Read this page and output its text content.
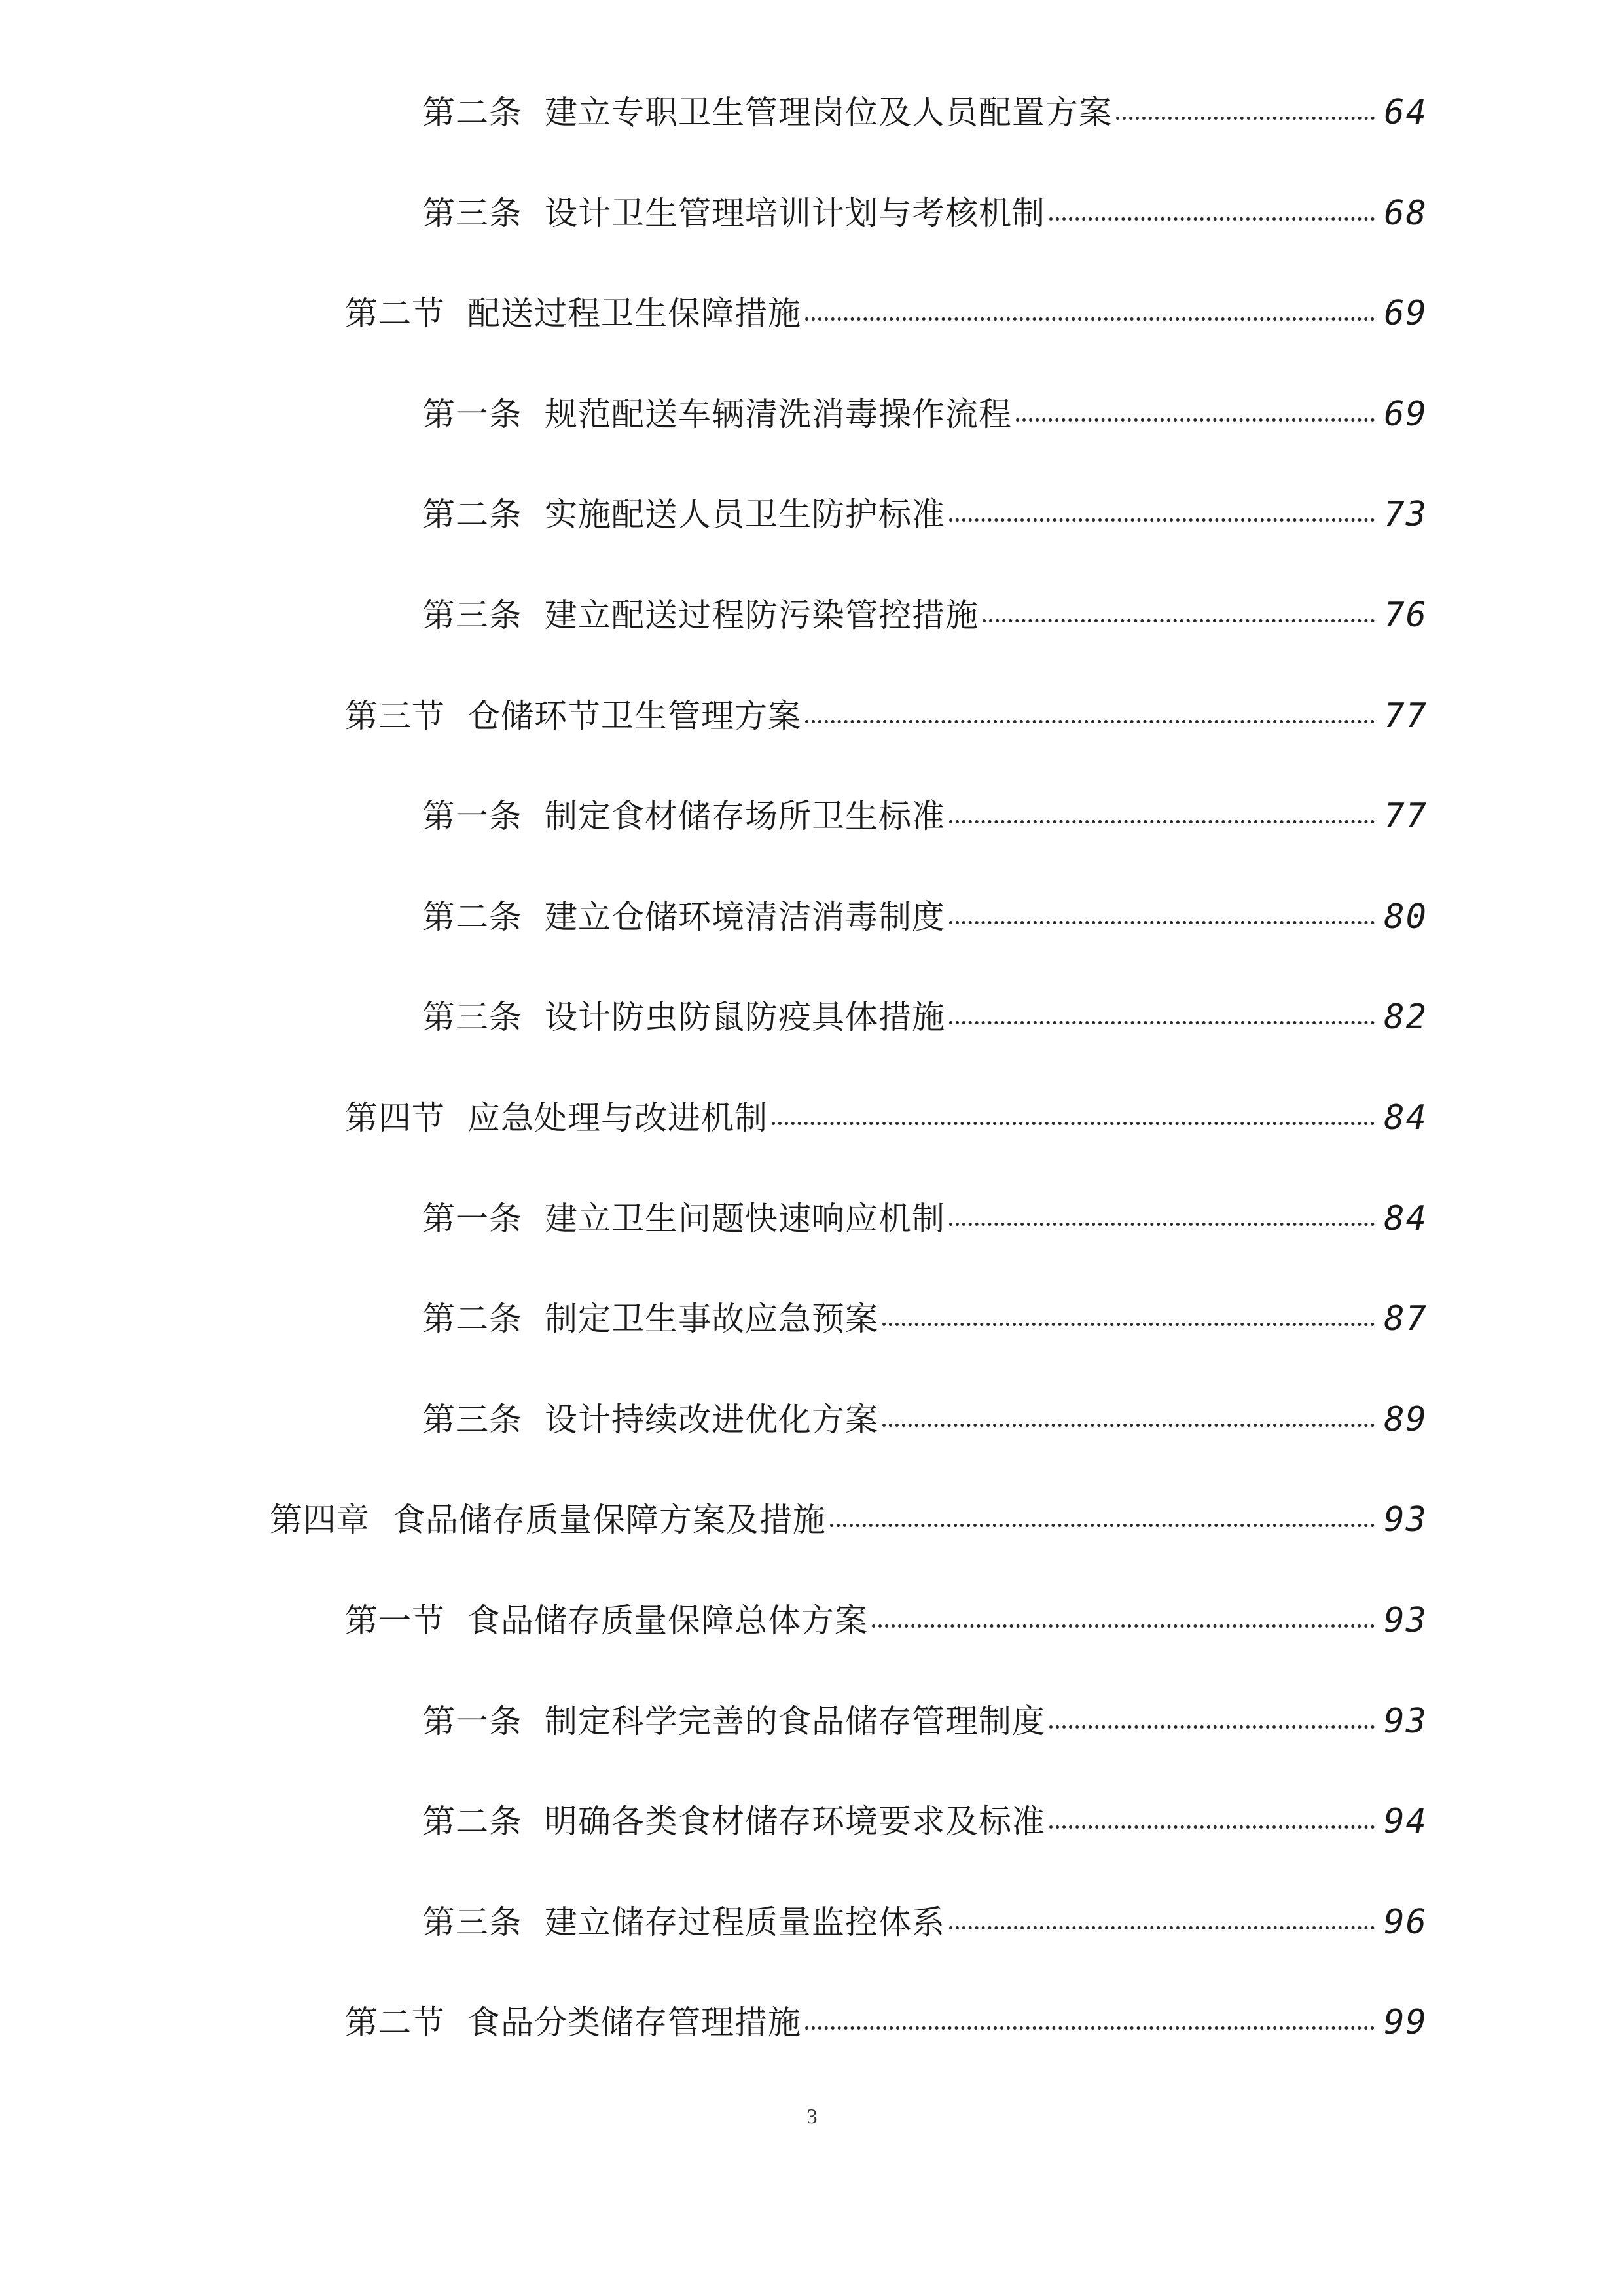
第二条 建立专职卫生管理岗位及人员配置方案	64
第三条 设计卫生管理培训计划与考核机制	68
第二节 配送过程卫生保障措施	69
第一条 规范配送车辆清洗消毒操作流程	69
第二条 实施配送人员卫生防护标准	73
第三条 建立配送过程防污染管控措施	76
第三节 仓储环节卫生管理方案	77
第一条 制定食材储存场所卫生标准	77
第二条 建立仓储环境清洁消毒制度	80
第三条 设计防虫防鼠防疫具体措施	82
第四节 应急处理与改进机制	84
第一条 建立卫生问题快速响应机制	84
第二条 制定卫生事故应急预案	87
第三条 设计持续改进优化方案	89
第四章 食品储存质量保障方案及措施	93
第一节 食品储存质量保障总体方案	93
第一条 制定科学完善的食品储存管理制度	93
第二条 明确各类食材储存环境要求及标准	94
第三条 建立储存过程质量监控体系	96
第二节 食品分类储存管理措施	99
3
